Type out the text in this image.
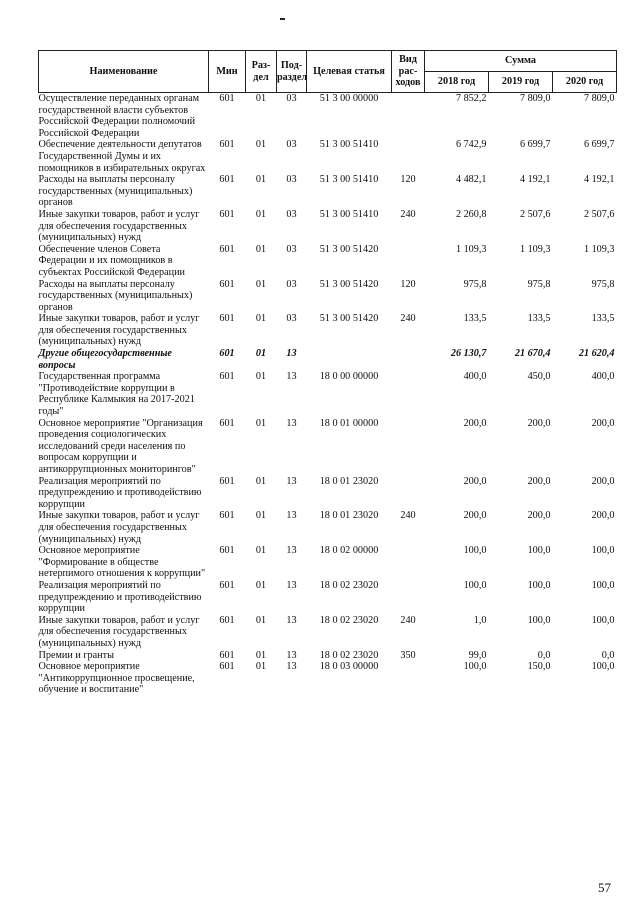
Наименование	Мин	Раз-дел	Под-раздел	Целевая статья	Вид рас-ходов	Сумма		
						2018 год	2019 год	2020 год
Осуществление переданных органам государственной власти субъектов Российской Федерации полномочий Российской Федерации	601	01	03	51 3 00 00000		7 852,2	7 809,0	7 809,0
Обеспечение деятельности депутатов Государственной Думы и их помощников в избирательных округах	601	01	03	51 3 00 51410		6 742,9	6 699,7	6 699,7
Расходы на выплаты персоналу государственных (муниципальных) органов	601	01	03	51 3 00 51410	120	4 482,1	4 192,1	4 192,1
Иные закупки товаров, работ и услуг для обеспечения государственных (муниципальных) нужд	601	01	03	51 3 00 51410	240	2 260,8	2 507,6	2 507,6
Обеспечение членов Совета Федерации и их помощников в субъектах Российской Федерации	601	01	03	51 3 00 51420		1 109,3	1 109,3	1 109,3
Расходы на выплаты персоналу государственных (муниципальных) органов	601	01	03	51 3 00 51420	120	975,8	975,8	975,8
Иные закупки товаров, работ и услуг для обеспечения государственных (муниципальных) нужд	601	01	03	51 3 00 51420	240	133,5	133,5	133,5
Другие общегосударственные вопросы	601	01	13			26 130,7	21 670,4	21 620,4
Государственная программа "Противодействие коррупции в Республике Калмыкия на 2017-2021 годы"	601	01	13	18 0 00 00000		400,0	450,0	400,0
Основное мероприятие "Организация проведения социологических исследований среди населения по вопросам коррупции и антикоррупционных мониторингов"	601	01	13	18 0 01 00000		200,0	200,0	200,0
Реализация мероприятий по предупреждению и противодействию коррупции	601	01	13	18 0 01 23020		200,0	200,0	200,0
Иные закупки товаров, работ и услуг для обеспечения государственных (муниципальных) нужд	601	01	13	18 0 01 23020	240	200,0	200,0	200,0
Основное мероприятие "Формирование в обществе нетерпимого отношения к коррупции"	601	01	13	18 0 02 00000		100,0	100,0	100,0
Реализация мероприятий по предупреждению и противодействию коррупции	601	01	13	18 0 02 23020		100,0	100,0	100,0
Иные закупки товаров, работ и услуг для обеспечения государственных (муниципальных) нужд	601	01	13	18 0 02 23020	240	1,0	100,0	100,0
Премии и гранты	601	01	13	18 0 02 23020	350	99,0	0,0	0,0
Основное мероприятие "Антикоррупционное просвещение, обучение и воспитание"	601	01	13	18 0 03 00000		100,0	150,0	100,0
57
